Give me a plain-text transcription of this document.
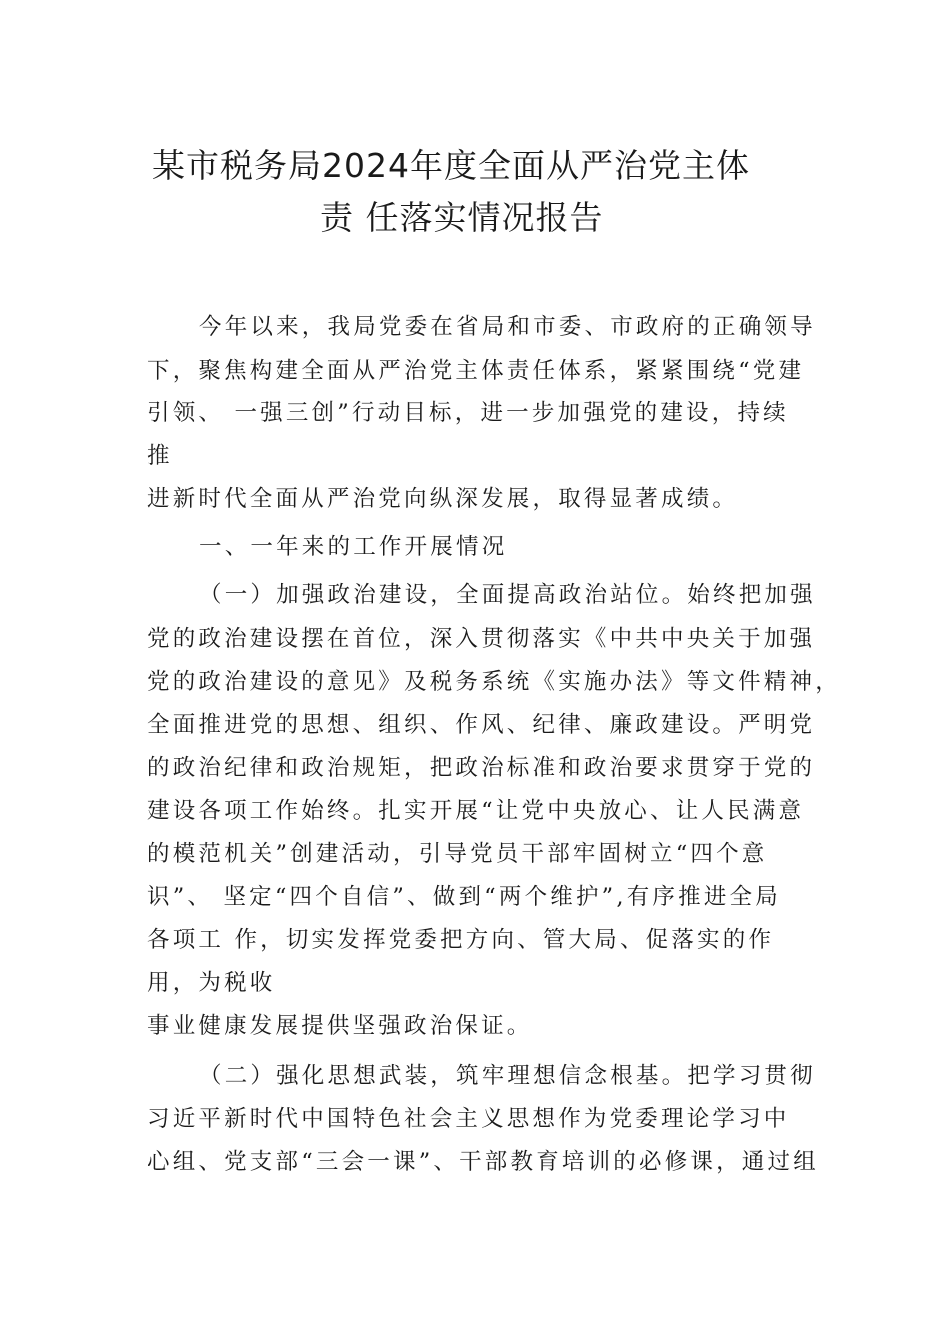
某市税务局2024年度全面从严治党主体
责 任落实情况报告

今年以来，我局党委在省局和市委、市政府的正确领导

下，聚焦构建全面从严治党主体责任体系，紧紧围绕“党建

引领、 一强三创”行动目标，进一步加强党的建设，持续

推

进新时代全面从严治党向纵深发展，取得显著成绩。

一、一年来的工作开展情况

（一）加强政治建设，全面提高政治站位。始终把加强

党的政治建设摆在首位，深入贯彻落实《中共中央关于加强

党的政治建设的意见》及税务系统《实施办法》等文件精神，

全面推进党的思想、组织、作风、纪律、廉政建设。严明党

的政治纪律和政治规矩，把政治标准和政治要求贯穿于党的

建设各项工作始终。扎实开展“让党中央放心、让人民满意

的模范机关”创建活动，引导党员干部牢固树立“四个意

识”、 坚定“四个自信”、做到“两个维护”,有序推进全局

各项工 作，切实发挥党委把方向、管大局、促落实的作

用，为税收

事业健康发展提供坚强政治保证。

（二）强化思想武装，筑牢理想信念根基。把学习贯彻

习近平新时代中国特色社会主义思想作为党委理论学习中

心组、党支部“三会一课”、干部教育培训的必修课，通过组
